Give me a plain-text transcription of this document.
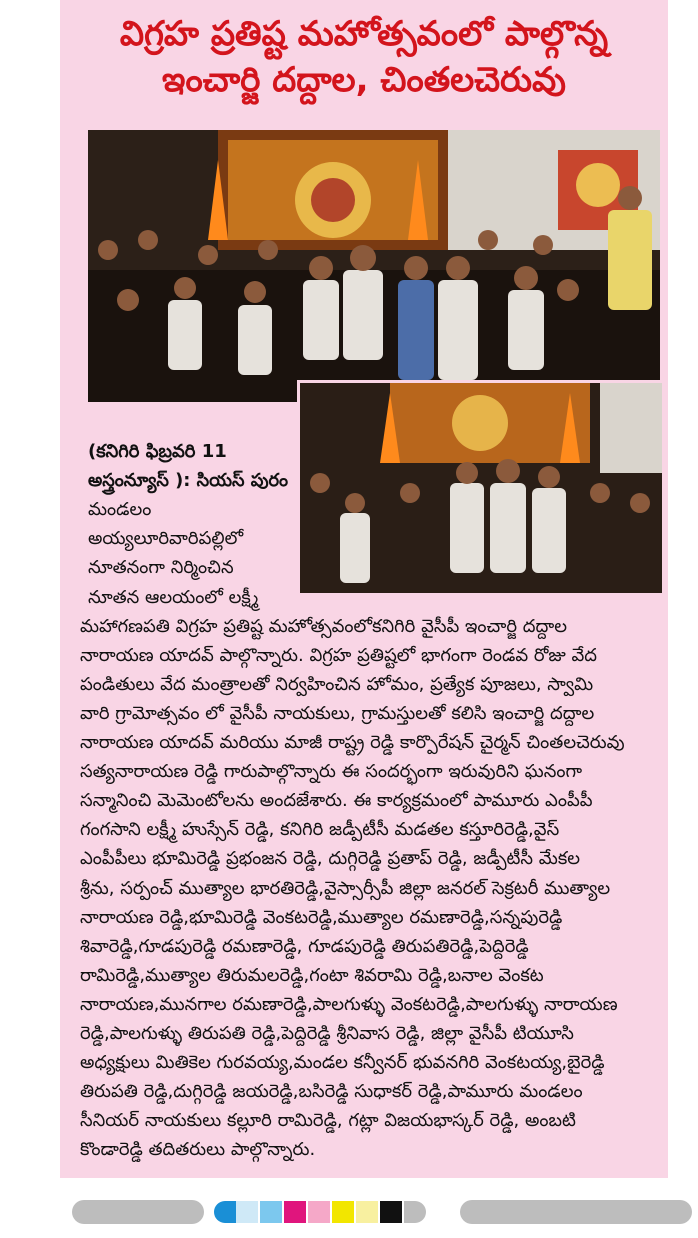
విగ్రహ ప్రతిష్ట మహోత్సవంలో పాల్గొన్న
ఇంచార్జి దద్దాల, చింతలచెరువు
(కనిగిరి ఫిబ్రవరి 11
అస్త్రంన్యూస్ ): సియస్ పురం
మండలం
అయ్యలూరివారిపల్లిలో
నూతనంగా నిర్మించిన
నూతన ఆలయంలో లక్ష్మీ
మహాగణపతి విగ్రహ ప్రతిష్ట మహోత్సవంలోకనిగిరి వైసీపీ ఇంచార్జి దద్దాల
నారాయణ యాదవ్ పాల్గొన్నారు. విగ్రహ ప్రతిష్టలో భాగంగా రెండవ రోజు వేద
పండితులు వేద మంత్రాలతో నిర్వహించిన హోమం, ప్రత్యేక పూజలు, స్వామి
వారి గ్రామోత్సవం లో వైసీపీ నాయకులు, గ్రామస్తులతో కలిసి ఇంచార్జి దద్దాల
నారాయణ యాదవ్ మరియు మాజీ రాష్ట్ర రెడ్డి కార్పొరేషన్ చైర్మన్ చింతలచెరువు
సత్యనారాయణ రెడ్డి గారుపాల్గొన్నారు ఈ సందర్భంగా ఇరువురిని ఘనంగా
సన్మానించి మెమెంటోలను అందజేశారు. ఈ కార్యక్రమంలో పామూరు ఎంపీపీ
గంగసాని లక్ష్మీ హుస్సేన్ రెడ్డి, కనిగిరి జడ్పీటీసీ మడతల కస్తూరిరెడ్డి,వైస్
ఎంపీపీలు భూమిరెడ్డి ప్రభంజన రెడ్డి, దుగ్గిరెడ్డి ప్రతాప్ రెడ్డి, జడ్పీటీసీ మేకల
శ్రీను, సర్పంచ్ ముత్యాల భారతిరెడ్డి,వైస్సార్సీపీ జిల్లా జనరల్ సెక్రటరీ ముత్యాల
నారాయణ రెడ్డి,భూమిరెడ్డి వెంకటరెడ్డి,ముత్యాల రమణారెడ్డి,సన్నపురెడ్డి
శివారెడ్డి,గూడపురెడ్డి రమణారెడ్డి, గూడపురెడ్డి తిరుపతిరెడ్డి,పెద్దిరెడ్డి
రామిరెడ్డి,ముత్యాల తిరుమలరెడ్డి,గంటా శివరామి రెడ్డి,బనాల వెంకట
నారాయణ,మునగాల రమణారెడ్డి,పాలగుళ్ళు వెంకటరెడ్డి,పాలగుళ్ళు నారాయణ
రెడ్డి,పాలగుళ్ళు తిరుపతి రెడ్డి,పెద్దిరెడ్డి శ్రీనివాస రెడ్డి, జిల్లా వైసీపీ టియూసి
అధ్యక్షులు మితికెల గురవయ్య,మండల కన్వీనర్ భువనగిరి వెంకటయ్య,బైరెడ్డి
తిరుపతి రెడ్డి,దుగ్గిరెడ్డి జయరెడ్డి,బసిరెడ్డి సుధాకర్ రెడ్డి,పామూరు మండలం
సీనియర్ నాయకులు కల్లూరి రామిరెడ్డి, గట్లా విజయభాస్కర్ రెడ్డి, అంబటి
కొండారెడ్డి తదితరులు పాల్గొన్నారు.
